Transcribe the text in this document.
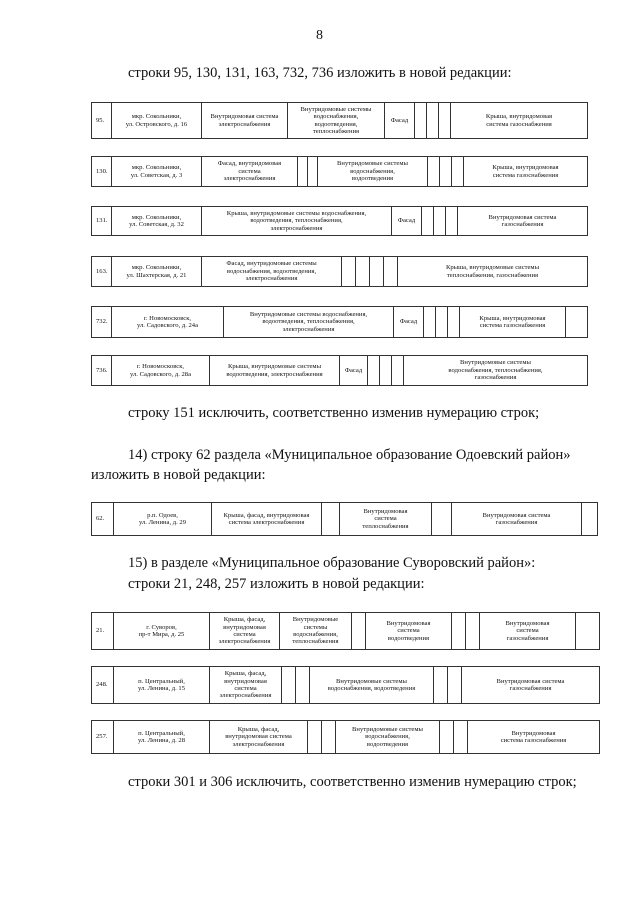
8
строки 95, 130, 131, 163, 732, 736 изложить в новой редакции:
95.	мкр. Сокольники,
ул. Островского, д. 16	Внутридомовая система
электроснабжения	Внутридомовые системы
водоснабжения,
водоотведения,
теплоснабжения	Фасад				Крыша, внутридомовая
система газоснабжения
130.	мкр. Сокольники,
ул. Советская, д. 3	Фасад, внутридомовая
система
электроснабжения			Внутридомовые системы
водоснабжения,
водоотведения				Крыша, внутридомовая
система газоснабжения
131.	мкр. Сокольники,
ул. Советская, д. 32	Крыша, внутридомовые системы водоснабжения,
водоотведения, теплоснабжения,
электроснабжения	Фасад				Внутридомовая система
газоснабжения
163.	мкр. Сокольники,
ул. Шахтерская, д. 21	Фасад, внутридомовые системы
водоснабжения, водоотведения,
электроснабжения					Крыша, внутридомовые системы
теплоснабжения, газоснабжения
732.	г. Новомосковск,
ул. Садовского, д. 24а	Внутридомовые системы водоснабжения,
водоотведения, теплоснабжения,
электроснабжения	Фасад				Крыша, внутридомовая
система газоснабжения	
736.	г. Новомосковск,
ул. Садовского, д. 28а	Крыша, внутридомовые системы
водоотведения, электроснабжения	Фасад				Внутридомовые системы
водоснабжения, теплоснабжения,
газоснабжения
строку 151 исключить, соответственно изменив нумерацию строк;
14) строку 62 раздела «Муниципальное образование Одоевский район»
изложить в новой редакции:
62.	р.п. Одоев,
ул. Ленина, д. 29	Крыша, фасад, внутридомовая
система электроснабжения		Внутридомовая
система
теплоснабжения		Внутридомовая система
газоснабжения	
15) в разделе «Муниципальное образование Суворовский район»:
строки 21, 248, 257 изложить в новой редакции:
21.	г. Суворов,
пр-т Мира, д. 25	Крыша, фасад,
внутридомовая
система
электроснабжения	Внутридомовые
системы
водоснабжения,
теплоснабжения		Внутридомовая
система
водоотведения			Внутридомовая
система
газоснабжения	
248.	п. Центральный,
ул. Ленина, д. 15	Крыша, фасад,
внутридомовая
система
электроснабжения			Внутридомовые системы
водоснабжения, водоотведения			Внутридомовая система
газоснабжения
257.	п. Центральный,
ул. Ленина, д. 28	Крыша, фасад,
внутридомовая система
электроснабжения			Внутридомовые системы
водоснабжения,
водоотведения			Внутридомовая
система газоснабжения
строки 301 и 306 исключить, соответственно изменив нумерацию строк;
